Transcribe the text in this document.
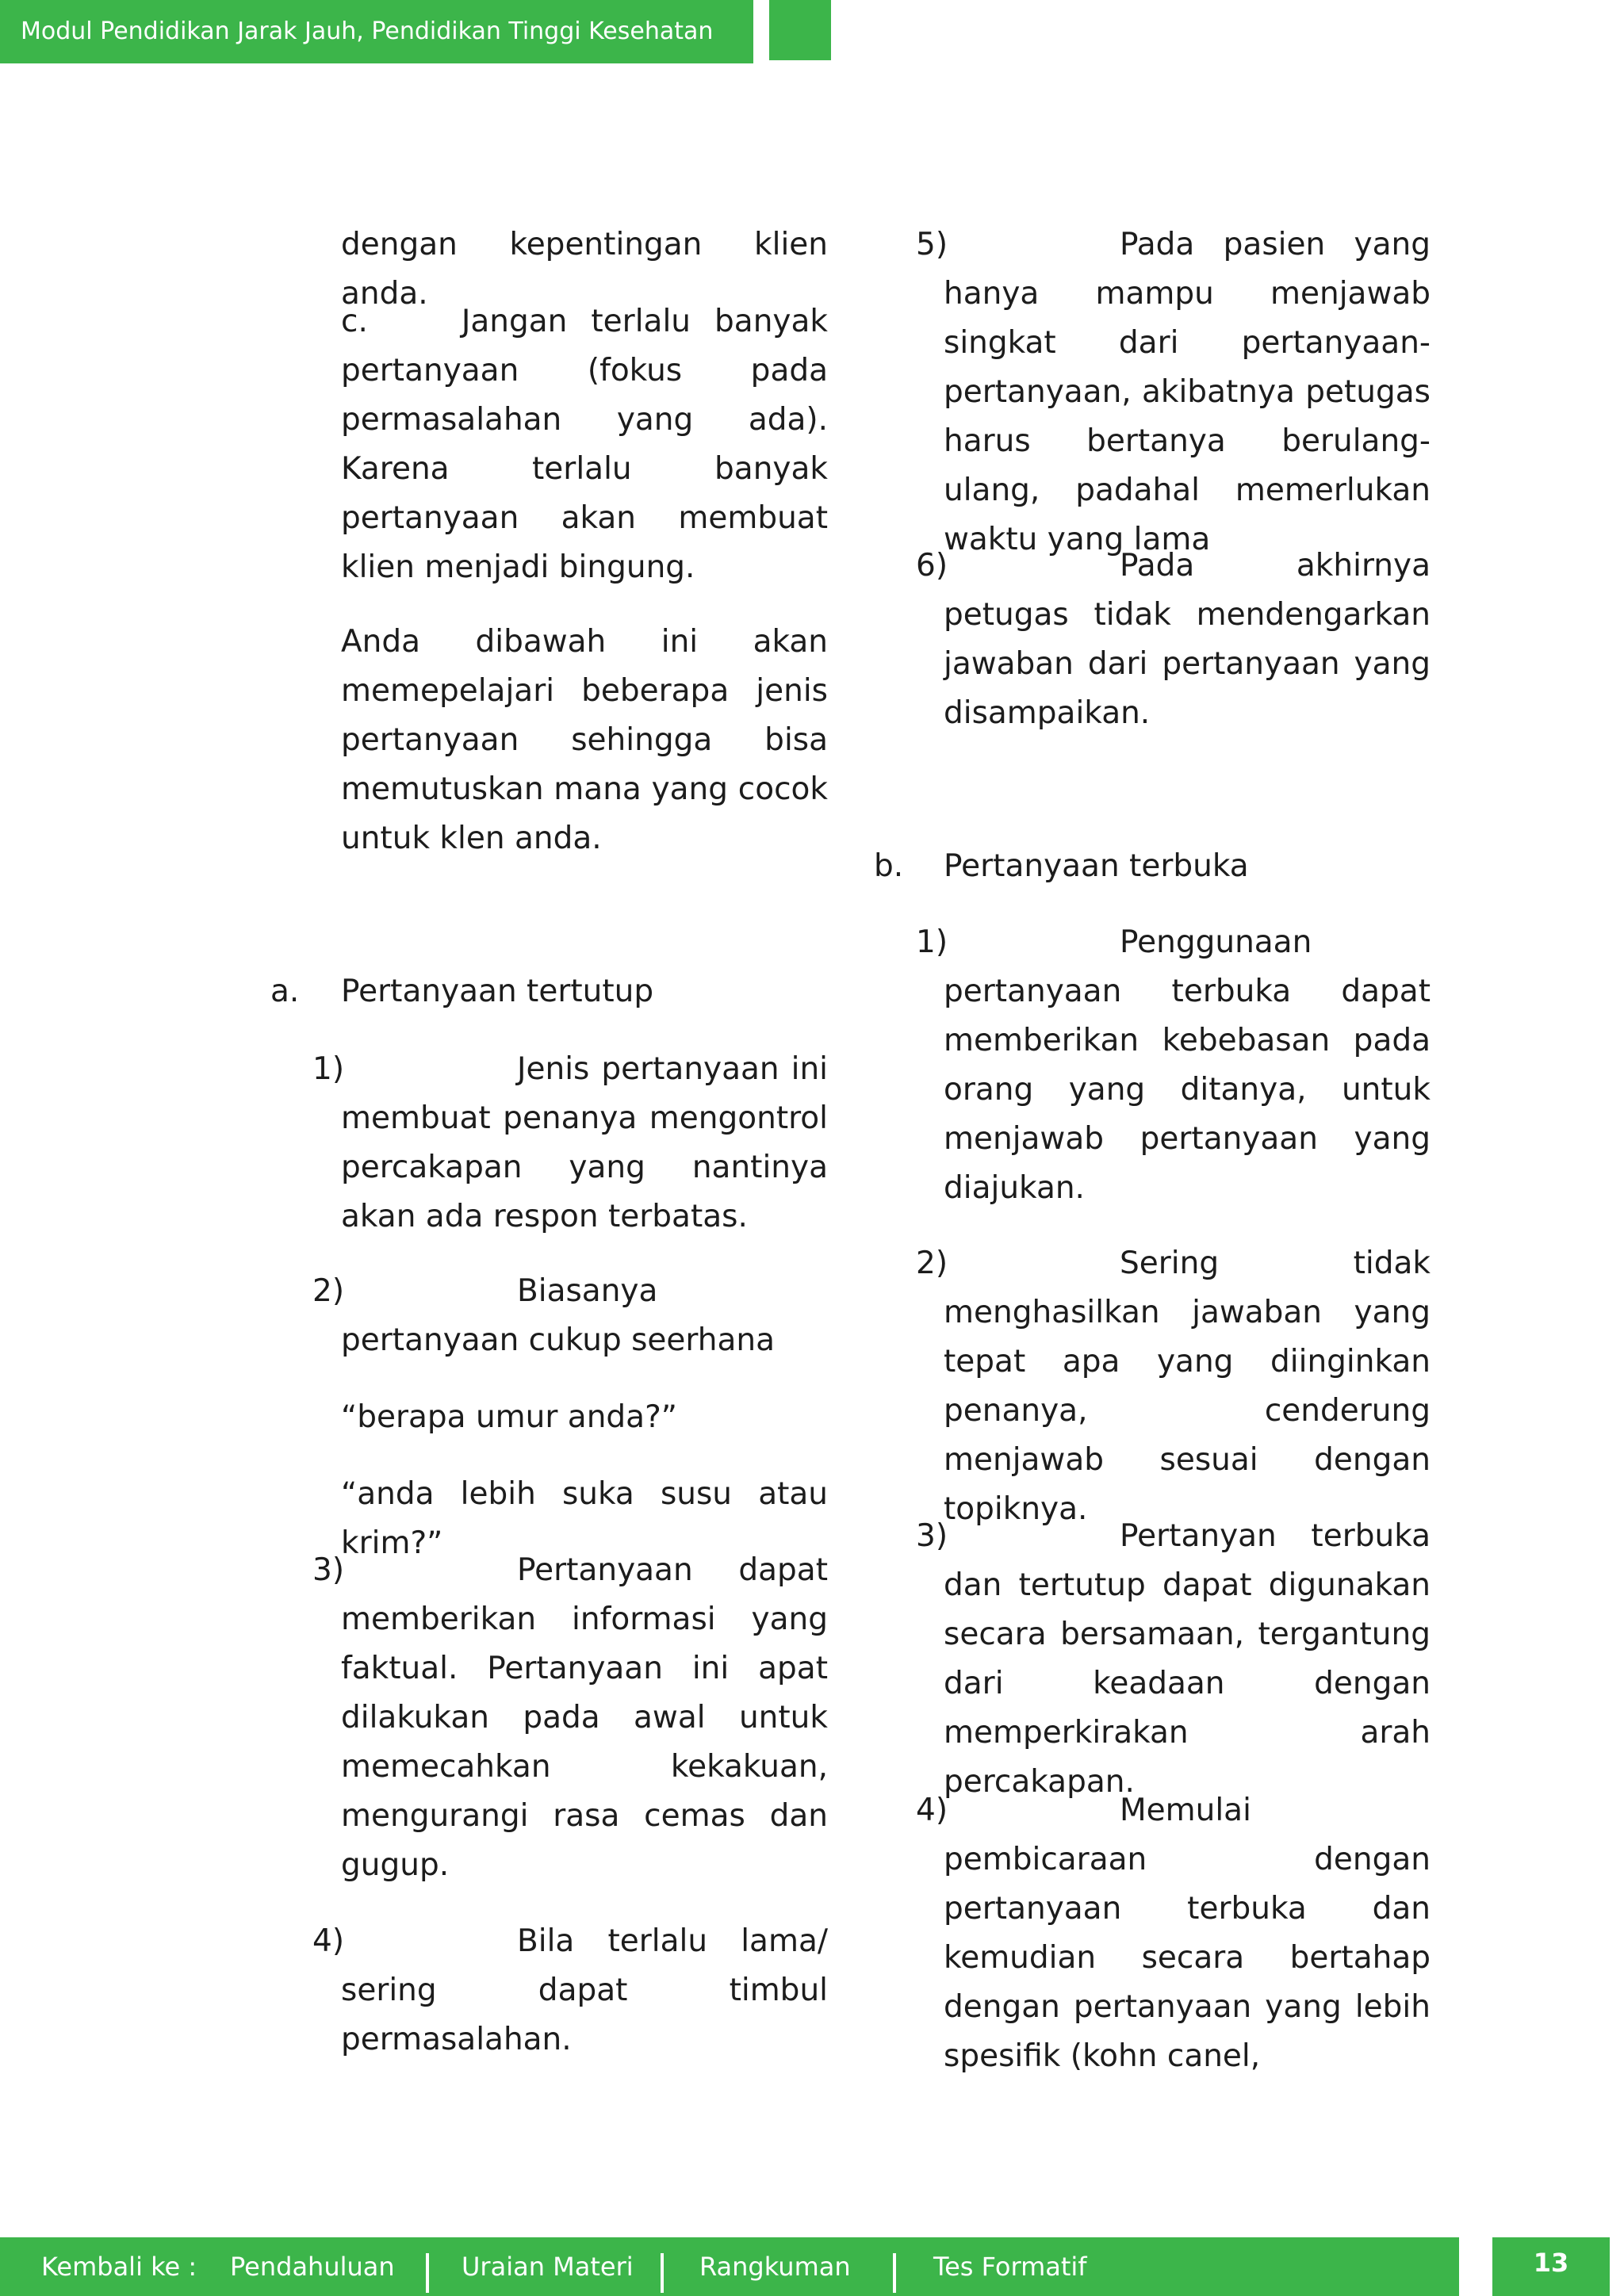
Modul Pendidikan Jarak Jauh, Pendidikan Tinggi Kesehatan

dengan kepentingan klien anda.

c.	Jangan terlalu banyak pertanyaan (fokus pada permasalahan yang ada). Karena terlalu banyak pertanyaan akan membuat klien menjadi bingung.

Anda dibawah ini akan memepelajari beberapa jenis pertanyaan sehingga bisa memutuskan mana yang cocok untuk klen anda.

a. Pertanyaan tertutup

1)	Jenis pertanyaan ini membuat penanya mengontrol percakapan yang nantinya akan ada respon terbatas.

2)	Biasanya pertanyaan cukup seerhana

“berapa umur anda?”

“anda lebih suka susu atau krim?”

3)	Pertanyaan dapat memberikan informasi yang faktual. Pertanyaan ini apat dilakukan pada awal untuk memecahkan kekakuan, mengurangi rasa cemas dan gugup.

4)	Bila terlalu lama/ sering dapat timbul permasalahan.

5)	Pada pasien yang hanya mampu menjawab singkat dari pertanyaan-pertanyaan, akibatnya petugas harus bertanya berulang-ulang, padahal memerlukan waktu yang lama

6)	Pada akhirnya petugas tidak mendengarkan jawaban dari pertanyaan yang disampaikan.

b. Pertanyaan terbuka

1)	Penggunaan pertanyaan terbuka dapat memberikan kebebasan pada orang yang ditanya, untuk menjawab pertanyaan yang diajukan.

2)	Sering tidak menghasilkan jawaban yang tepat apa yang diinginkan penanya, cenderung menjawab sesuai dengan topiknya.

3)	Pertanyan terbuka dan tertutup dapat digunakan secara bersamaan, tergantung dari keadaan dengan memperkirakan arah percakapan.

4)	Memulai pembicaraan dengan pertanyaan terbuka dan kemudian secara bertahap dengan pertanyaan yang lebih spesifik (kohn canel,

Kembali ke : Pendahuluan	Uraian Materi	Rangkuman	Tes Formatif	13
